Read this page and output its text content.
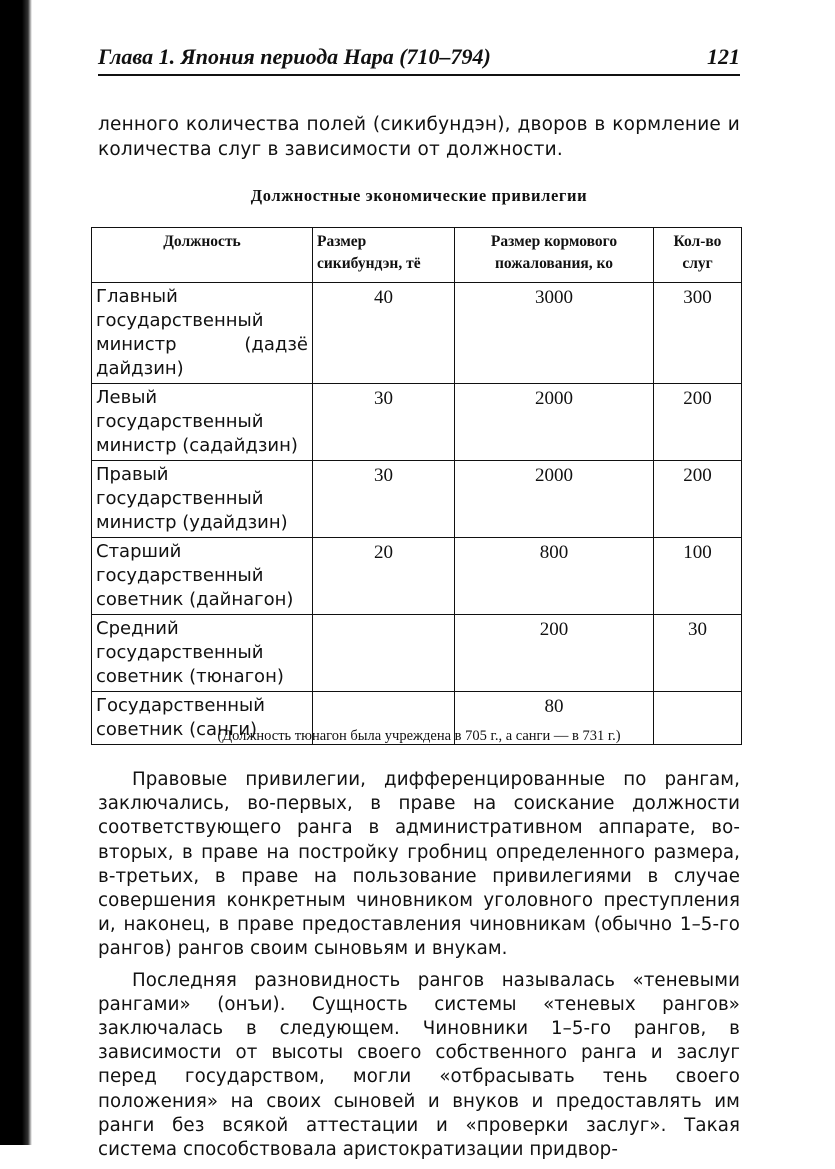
Глава 1. Япония периода Нара (710–794)	121
ленного количества полей (сикибундэн), дворов в кормление и количества слуг в зависимости от должности.
Должностные экономические привилегии
Должность	Размер сикибундэн, тё	Размер кормового пожалования, ко	Кол-во слуг
Главный государственный министр (дадзё дайдзин)	40	3000	300
Левый государственный министр (садайдзин)	30	2000	200
Правый государственный министр (удайдзин)	30	2000	200
Старший государственный советник (дайнагон)	20	800	100
Средний государственный советник (тюнагон)		200	30
Государственный советник (санги)		80	
(Должность тюнагон была учреждена в 705 г., а санги — в 731 г.)

Правовые привилегии, дифференцированные по рангам, заключались, во-первых, в праве на соискание должности соответствующего ранга в административном аппарате, во-вторых, в праве на постройку гробниц определенного размера, в-третьих, в праве на пользование привилегиями в случае совершения конкретным чиновником уголовного преступления и, наконец, в праве предоставления чиновникам (обычно 1–5-го рангов) рангов своим сыновьям и внукам.

Последняя разновидность рангов называлась «теневыми рангами» (онъи). Сущность системы «теневых рангов» заключалась в следующем. Чиновники 1–5-го рангов, в зависимости от высоты своего собственного ранга и заслуг перед государством, могли «отбрасывать тень своего положения» на своих сыновей и внуков и предоставлять им ранги без всякой аттестации и «проверки заслуг». Такая система способствовала аристократизации придвор-
